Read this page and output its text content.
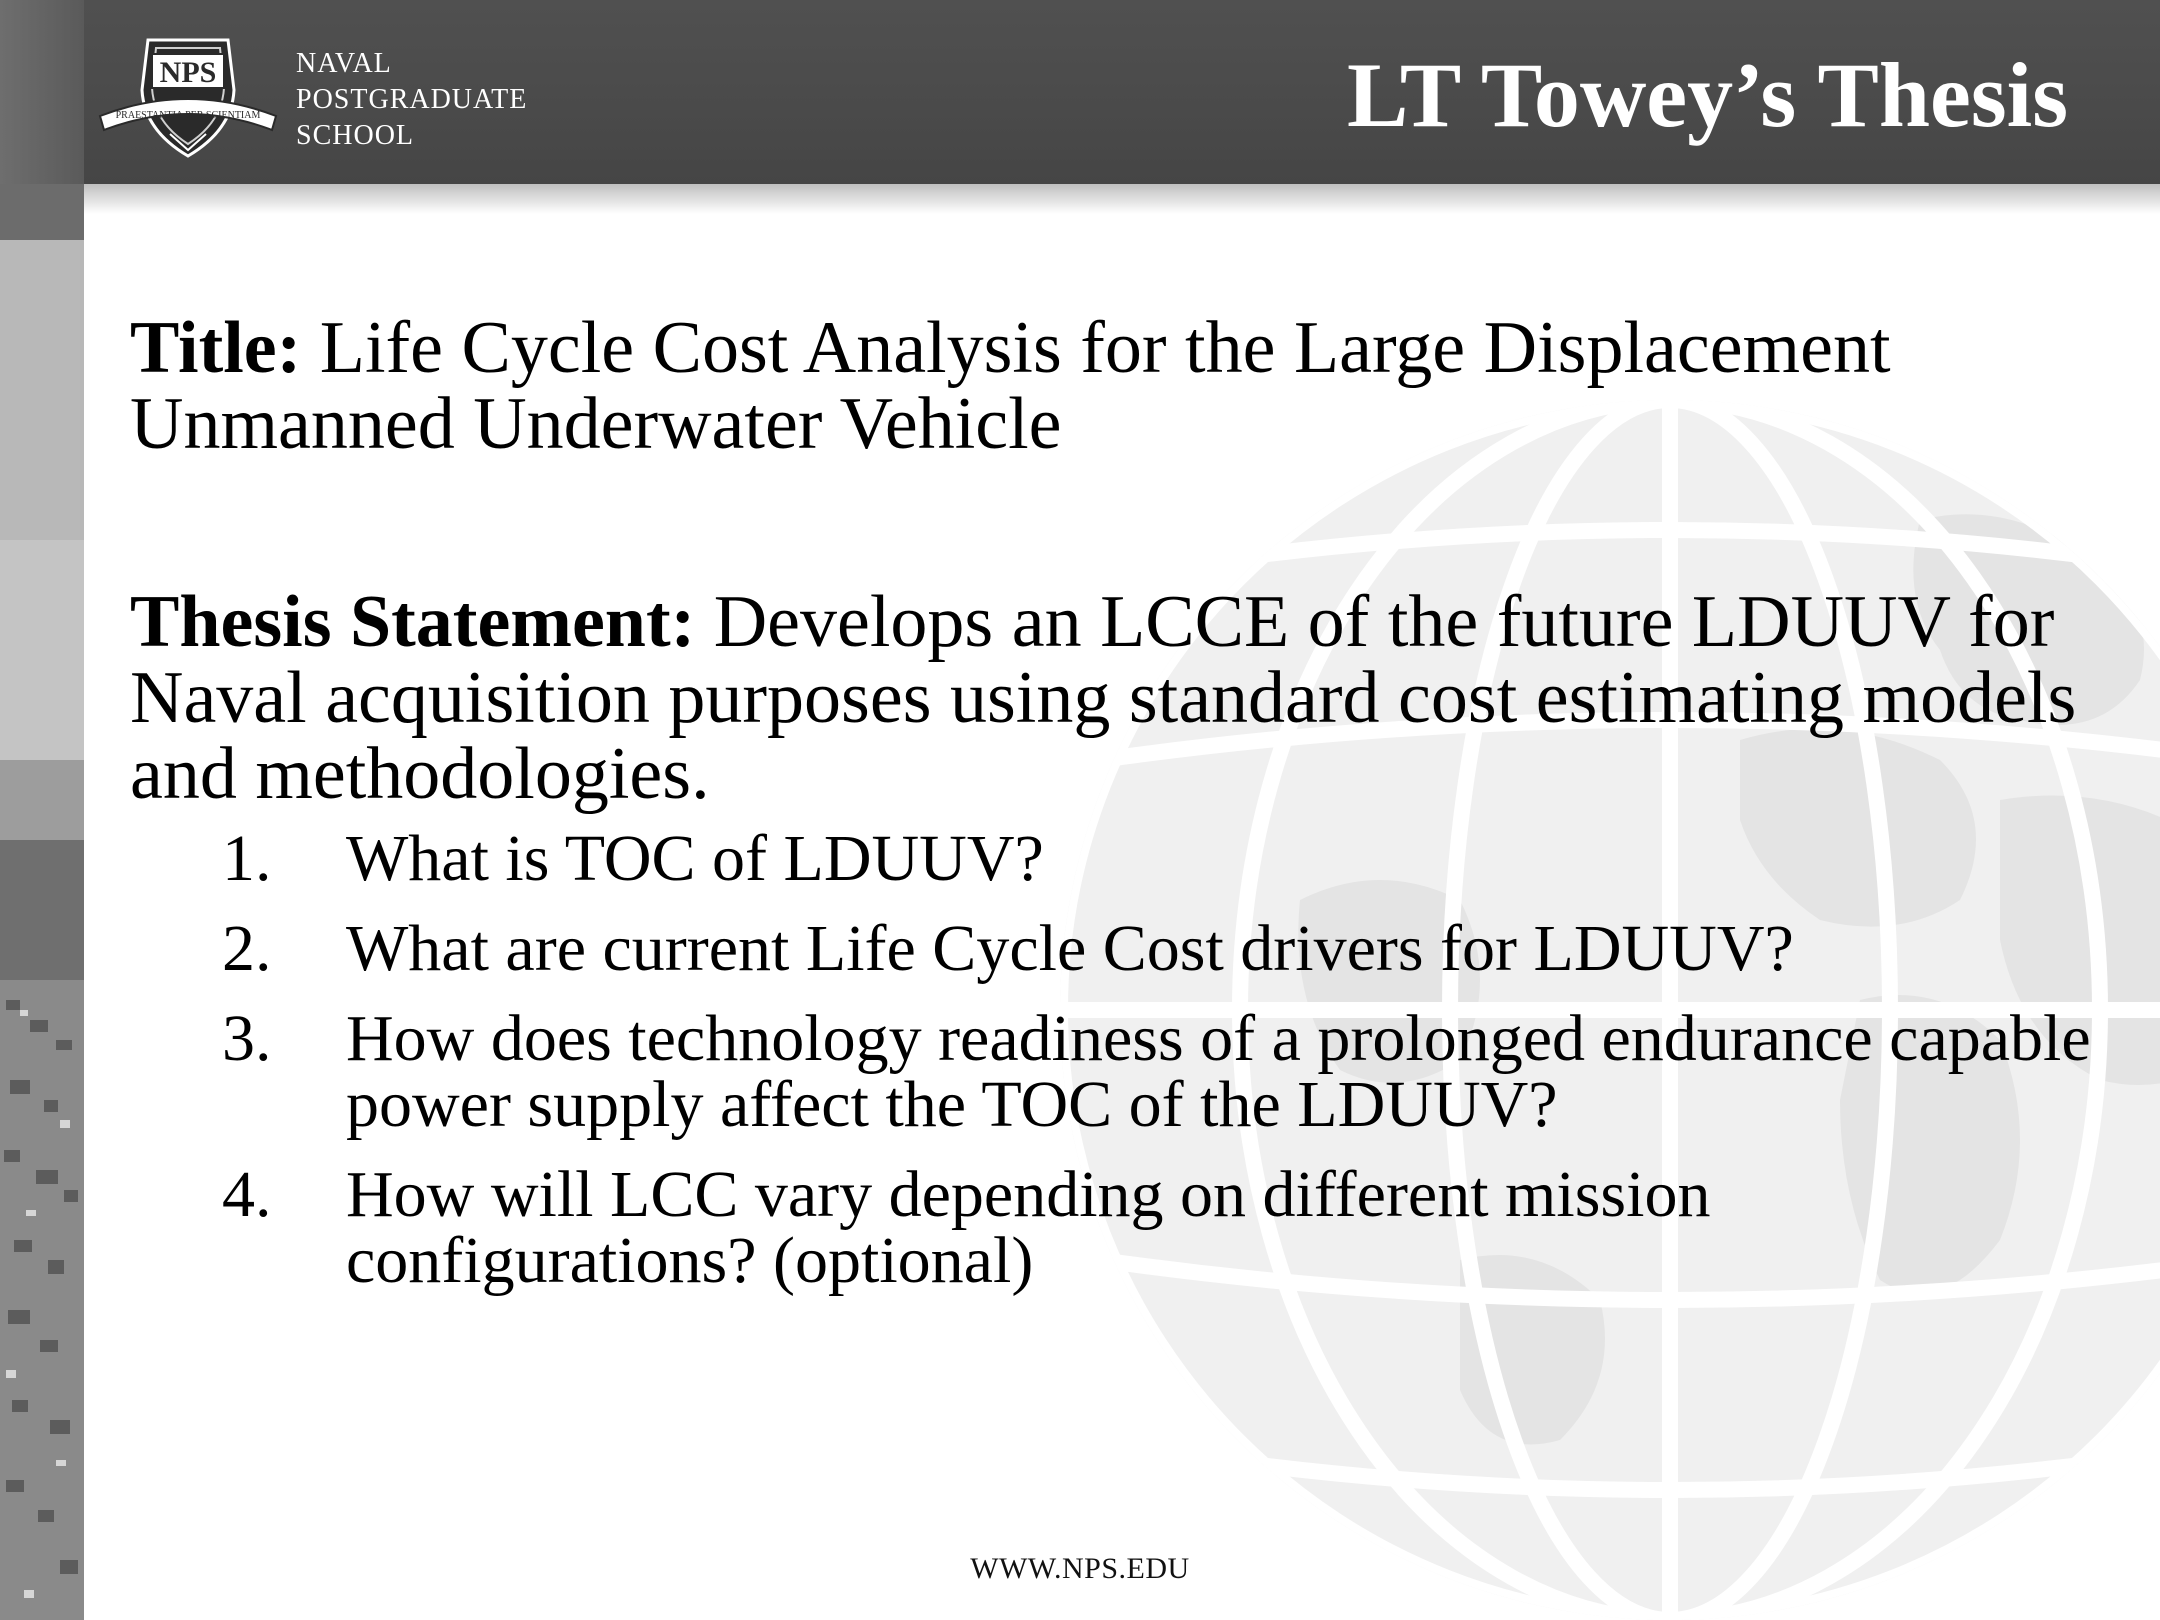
NPS
PRAESTANTIA PER SCIENTIAM
NAVAL
POSTGRADUATE
SCHOOL	LT Towey’s Thesis

Title: Life Cycle Cost Analysis for the Large Displacement Unmanned Underwater Vehicle

Thesis Statement: Develops an LCCE of the future LDUUV for Naval acquisition purposes using standard cost estimating models and methodologies.

1. What is TOC of LDUUV?
2. What are current Life Cycle Cost drivers for LDUUV?
3. How does technology readiness of a prolonged endurance capable power supply affect the TOC of the LDUUV?
4. How will LCC vary depending on different mission configurations? (optional)
WWW.NPS.EDU
